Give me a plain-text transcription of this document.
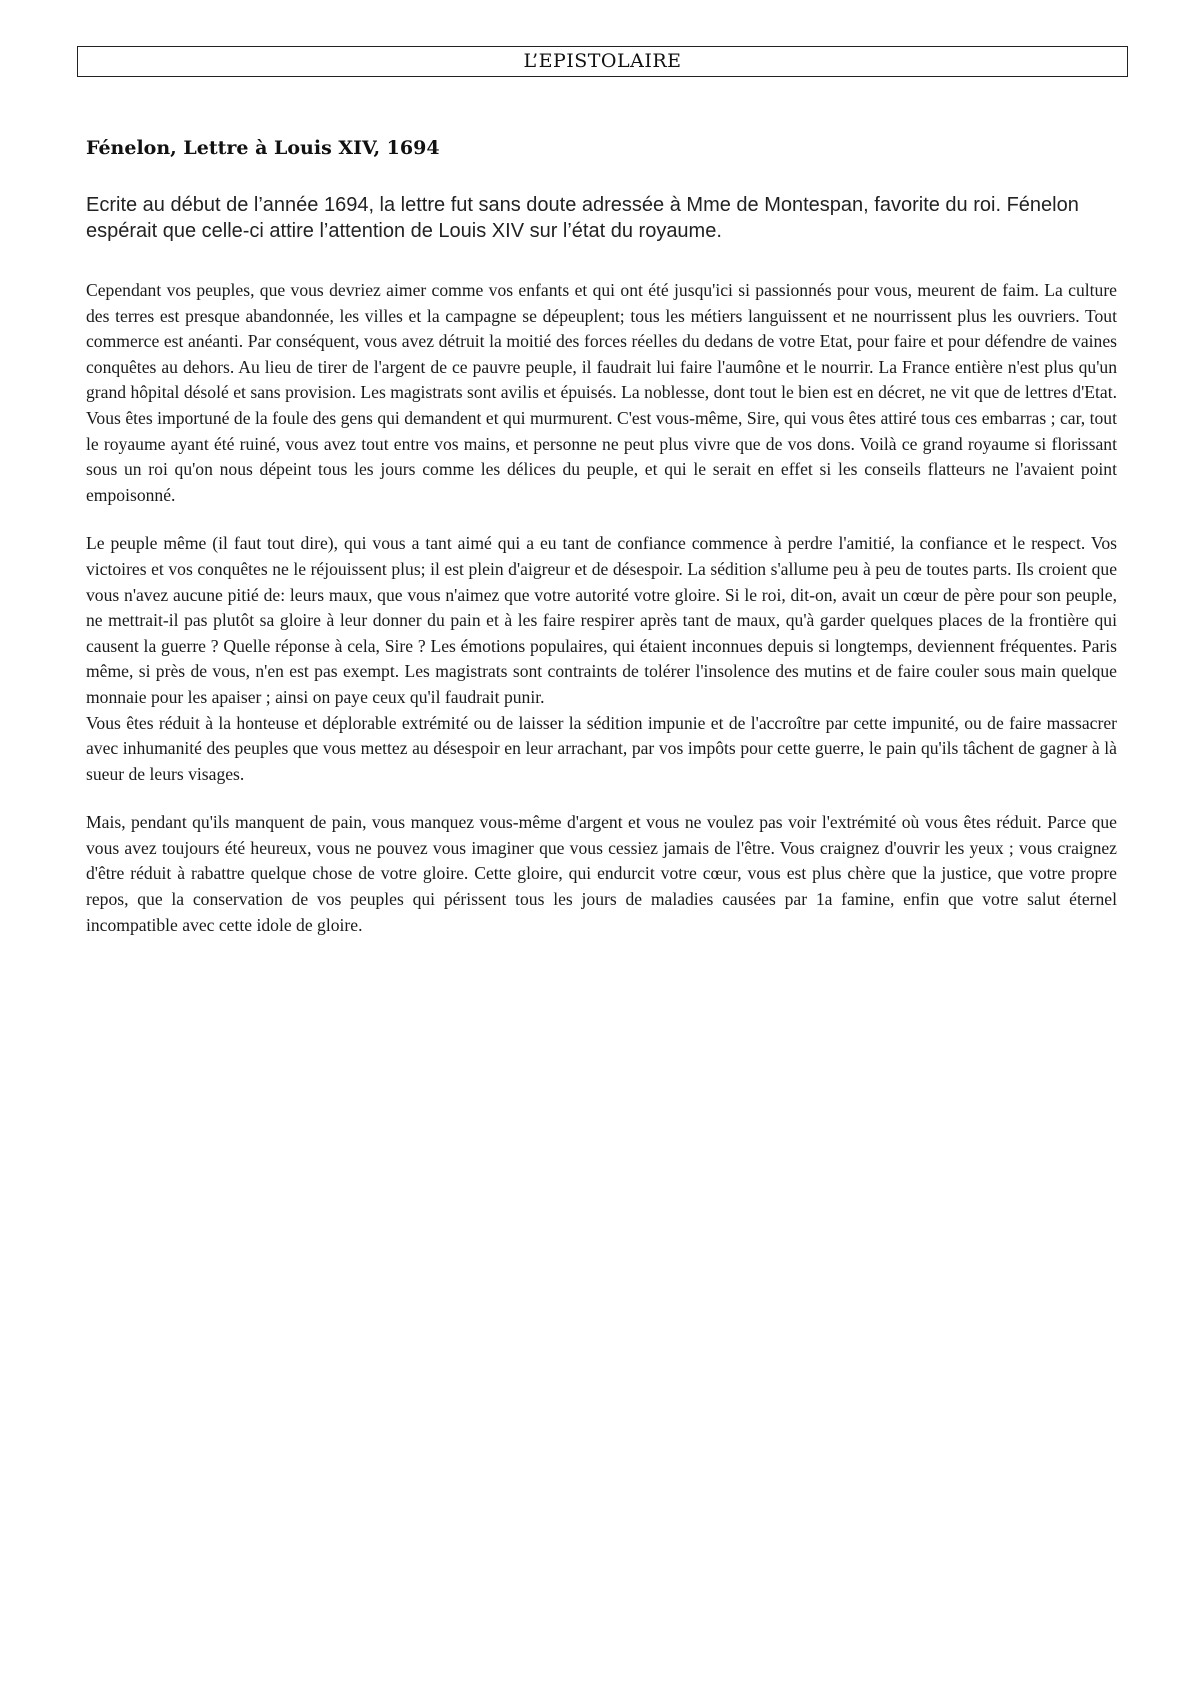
L’EPISTOLAIRE
Fénelon, Lettre à Louis XIV, 1694

Ecrite au début de l’année 1694, la lettre fut sans doute adressée à Mme de Montespan, favorite du roi. Fénelon espérait que celle-ci attire l’attention de Louis XIV sur l’état du royaume.

Cependant vos peuples, que vous devriez aimer comme vos enfants et qui ont été jusqu'ici si passionnés pour vous, meurent de faim. La culture des terres est presque abandonnée, les villes et la campagne se dépeuplent; tous les métiers languissent et ne nourrissent plus les ouvriers. Tout commerce est anéanti. Par conséquent, vous avez détruit la moitié des forces réelles du dedans de votre Etat, pour faire et pour défendre de vaines conquêtes au dehors. Au lieu de tirer de l'argent de ce pauvre peuple, il faudrait lui faire l'aumône et le nourrir. La France entière n'est plus qu'un grand hôpital désolé et sans provision. Les magistrats sont avilis et épuisés. La noblesse, dont tout le bien est en décret, ne vit que de lettres d'Etat. Vous êtes importuné de la foule des gens qui demandent et qui murmurent. C'est vous-même, Sire, qui vous êtes attiré tous ces embarras ; car, tout le royaume ayant été ruiné, vous avez tout entre vos mains, et personne ne peut plus vivre que de vos dons. Voilà ce grand royaume si florissant sous un roi qu'on nous dépeint tous les jours comme les délices du peuple, et qui le serait en effet si les conseils flatteurs ne l'avaient point empoisonné.

Le peuple même (il faut tout dire), qui vous a tant aimé qui a eu tant de confiance commence à perdre l'amitié, la confiance et le respect. Vos victoires et vos conquêtes ne le réjouissent plus; il est plein d'aigreur et de désespoir. La sédition s'allume peu à peu de toutes parts. Ils croient que vous n'avez aucune pitié de: leurs maux, que vous n'aimez que votre autorité votre gloire. Si le roi, dit-on, avait un cœur de père pour son peuple, ne mettrait-il pas plutôt sa gloire à leur donner du pain et à les faire respirer après tant de maux, qu'à garder quelques places de la frontière qui causent la guerre ? Quelle réponse à cela, Sire ? Les émotions populaires, qui étaient inconnues depuis si longtemps, deviennent fréquentes. Paris même, si près de vous, n'en est pas exempt. Les magistrats sont contraints de tolérer l'insolence des mutins et de faire couler sous main quelque monnaie pour les apaiser ; ainsi on paye ceux qu'il faudrait punir.

Vous êtes réduit à la honteuse et déplorable extrémité ou de laisser la sédition impunie et de l'accroître par cette impunité, ou de faire massacrer avec inhumanité des peuples que vous mettez au désespoir en leur arrachant, par vos impôts pour cette guerre, le pain qu'ils tâchent de gagner à là sueur de leurs visages.

Mais, pendant qu'ils manquent de pain, vous manquez vous-même d'argent et vous ne voulez pas voir l'extrémité où vous êtes réduit. Parce que vous avez toujours été heureux, vous ne pouvez vous imaginer que vous cessiez jamais de l'être. Vous craignez d'ouvrir les yeux ; vous craignez d'être réduit à rabattre quelque chose de votre gloire. Cette gloire, qui endurcit votre cœur, vous est plus chère que la justice, que votre propre repos, que la conservation de vos peuples qui périssent tous les jours de maladies causées par 1a famine, enfin que votre salut éternel incompatible avec cette idole de gloire.
